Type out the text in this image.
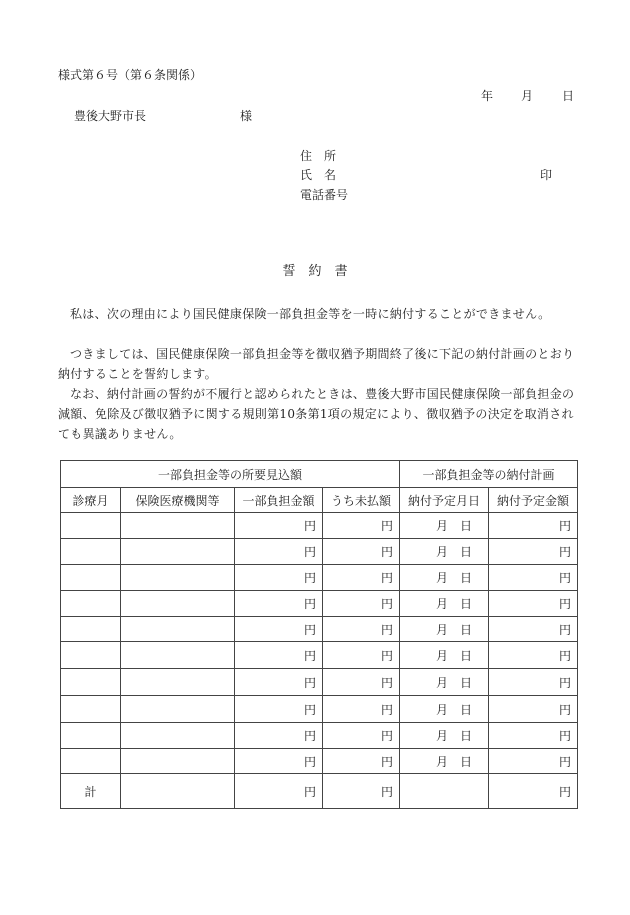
様式第６号（第６条関係）
年 月 日
豊後大野市長	様
住　所
氏　名	印
電話番号
誓　約　書
私は、次の理由により国民健康保険一部負担金等を一時に納付することができません。
つきましては、国民健康保険一部負担金等を徴収猶予期間終了後に下記の納付計画のとおり納付することを誓約します。
なお、納付計画の誓約が不履行と認められたときは、豊後大野市国民健康保険一部負担金の減額、免除及び徴収猶予に関する規則第10条第1項の規定により、徴収猶予の決定を取消されても異議ありません。
一部負担金等の所要見込額				一部負担金等の納付計画	
診療月	保険医療機関等	一部負担金額	うち未払額	納付予定月日	納付予定金額
		円	円	月 日	円
		円	円	月 日	円
		円	円	月 日	円
		円	円	月 日	円
		円	円	月 日	円
		円	円	月 日	円
		円	円	月 日	円
		円	円	月 日	円
		円	円	月 日	円
		円	円	月 日	円
計		円	円		円
